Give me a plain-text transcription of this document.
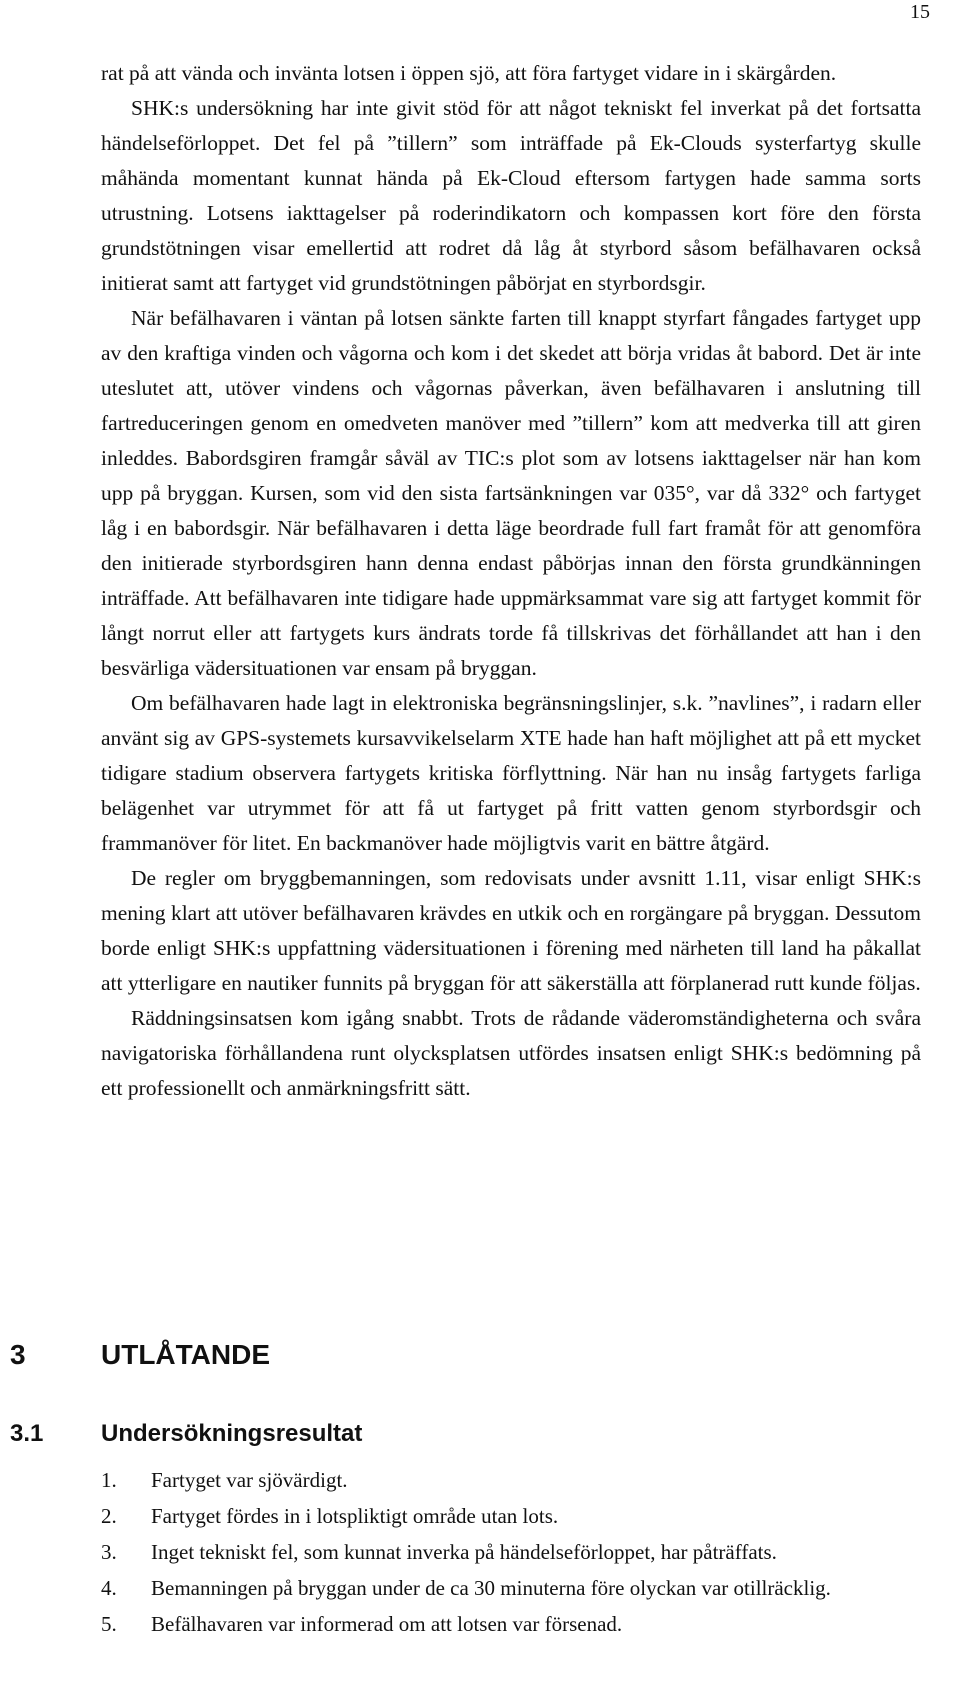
15

rat på att vända och invänta lotsen i öppen sjö, att föra fartyget vidare in i skärgården.

SHK:s undersökning har inte givit stöd för att något tekniskt fel inverkat på det fortsatta händelseförloppet. Det fel på ”tillern” som inträffade på Ek-Clouds systerfartyg skulle måhända momentant kunnat hända på Ek-Cloud eftersom fartygen hade samma sorts utrustning. Lotsens iakttagelser på roderindikatorn och kompassen kort före den första grundstötningen visar emellertid att rodret då låg åt styrbord såsom befälhavaren också initierat samt att fartyget vid grundstötningen påbörjat en styrbordsgir.

När befälhavaren i väntan på lotsen sänkte farten till knappt styrfart fångades fartyget upp av den kraftiga vinden och vågorna och kom i det skedet att börja vridas åt babord. Det är inte uteslutet att, utöver vindens och vågornas påverkan, även befälhavaren i anslutning till fartreduceringen genom en omedveten manöver med ”tillern” kom att medverka till att giren inleddes. Babordsgiren framgår såväl av TIC:s plot som av lotsens iakttagelser när han kom upp på bryggan. Kursen, som vid den sista fartsänkningen var 035°, var då 332° och fartyget låg i en babordsgir. När befälhavaren i detta läge beordrade full fart framåt för att genomföra den initierade styrbordsgiren hann denna endast påbörjas innan den första grundkänningen inträffade. Att befälhavaren inte tidigare hade uppmärksammat vare sig att fartyget kommit för långt norrut eller att fartygets kurs ändrats torde få tillskrivas det förhållandet att han i den besvärliga vädersituationen var ensam på bryggan.

Om befälhavaren hade lagt in elektroniska begränsningslinjer, s.k. ”navlines”, i radarn eller använt sig av GPS-systemets kursavvikelselarm XTE hade han haft möjlighet att på ett mycket tidigare stadium observera fartygets kritiska förflyttning. När han nu insåg fartygets farliga belägenhet var utrymmet för att få ut fartyget på fritt vatten genom styrbordsgir och frammanöver för litet. En backmanöver hade möjligtvis varit en bättre åtgärd.

De regler om bryggbemanningen, som redovisats under avsnitt 1.11, visar enligt SHK:s mening klart att utöver befälhavaren krävdes en utkik och en rorgängare på bryggan. Dessutom borde enligt SHK:s uppfattning vädersituationen i förening med närheten till land ha påkallat att ytterligare en nautiker funnits på bryggan för att säkerställa att förplanerad rutt kunde följas.

Räddningsinsatsen kom igång snabbt. Trots de rådande väderomständigheterna och svåra navigatoriska förhållandena runt olycksplatsen utfördes insatsen enligt SHK:s bedömning på ett professionellt och anmärkningsfritt sätt.

3	UTLÅTANDE
3.1 Undersökningsresultat
1.	Fartyget var sjövärdigt.
2.	Fartyget fördes in i lotspliktigt område utan lots.
3.	Inget tekniskt fel, som kunnat inverka på händelseförloppet, har påträffats.
4.	Bemanningen på bryggan under de ca 30 minuterna före olyckan var otillräcklig.
5.	Befälhavaren var informerad om att lotsen var försenad.
